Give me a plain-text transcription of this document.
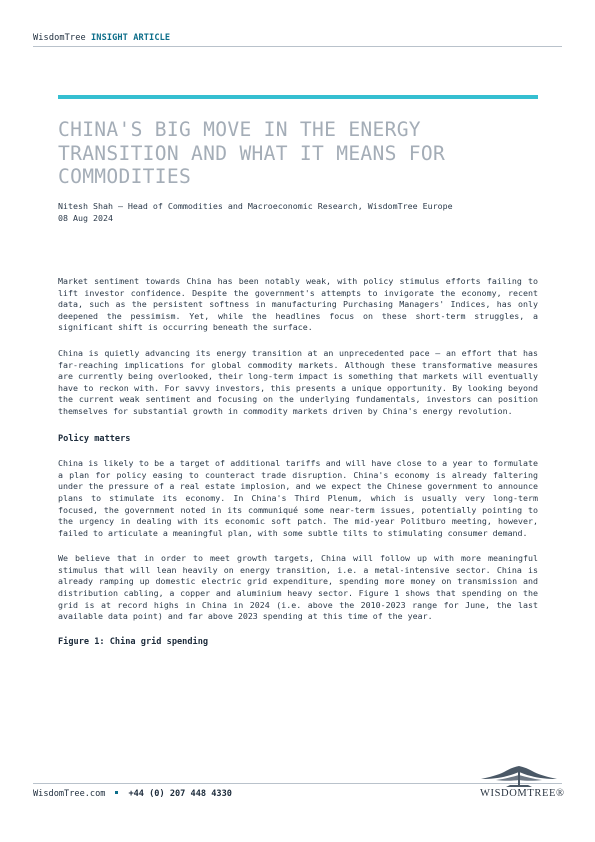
WisdomTree INSIGHT ARTICLE
CHINA'S BIG MOVE IN THE ENERGY TRANSITION AND WHAT IT MEANS FOR COMMODITIES
Nitesh Shah – Head of Commodities and Macroeconomic Research, WisdomTree Europe
08 Aug 2024

Market sentiment towards China has been notably weak, with policy stimulus efforts failing to lift investor confidence. Despite the government's attempts to invigorate the economy, recent data, such as the persistent softness in manufacturing Purchasing Managers' Indices, has only deepened the pessimism. Yet, while the headlines focus on these short-term struggles, a significant shift is occurring beneath the surface.

China is quietly advancing its energy transition at an unprecedented pace – an effort that has far-reaching implications for global commodity markets. Although these transformative measures are currently being overlooked, their long-term impact is something that markets will eventually have to reckon with. For savvy investors, this presents a unique opportunity. By looking beyond the current weak sentiment and focusing on the underlying fundamentals, investors can position themselves for substantial growth in commodity markets driven by China's energy revolution.

Policy matters

China is likely to be a target of additional tariffs and will have close to a year to formulate a plan for policy easing to counteract trade disruption. China's economy is already faltering under the pressure of a real estate implosion, and we expect the Chinese government to announce plans to stimulate its economy. In China's Third Plenum, which is usually very long-term focused, the government noted in its communiqué some near-term issues, potentially pointing to the urgency in dealing with its economic soft patch. The mid-year Politburo meeting, however, failed to articulate a meaningful plan, with some subtle tilts to stimulating consumer demand.

We believe that in order to meet growth targets, China will follow up with more meaningful stimulus that will lean heavily on energy transition, i.e. a metal-intensive sector. China is already ramping up domestic electric grid expenditure, spending more money on transmission and distribution cabling, a copper and aluminium heavy sector. Figure 1 shows that spending on the grid is at record highs in China in 2024 (i.e. above the 2010-2023 range for June, the last available data point) and far above 2023 spending at this time of the year.

Figure 1: China grid spending
WisdomTree.com	+44 (0) 207 448 4330	WISDOMTREE®
